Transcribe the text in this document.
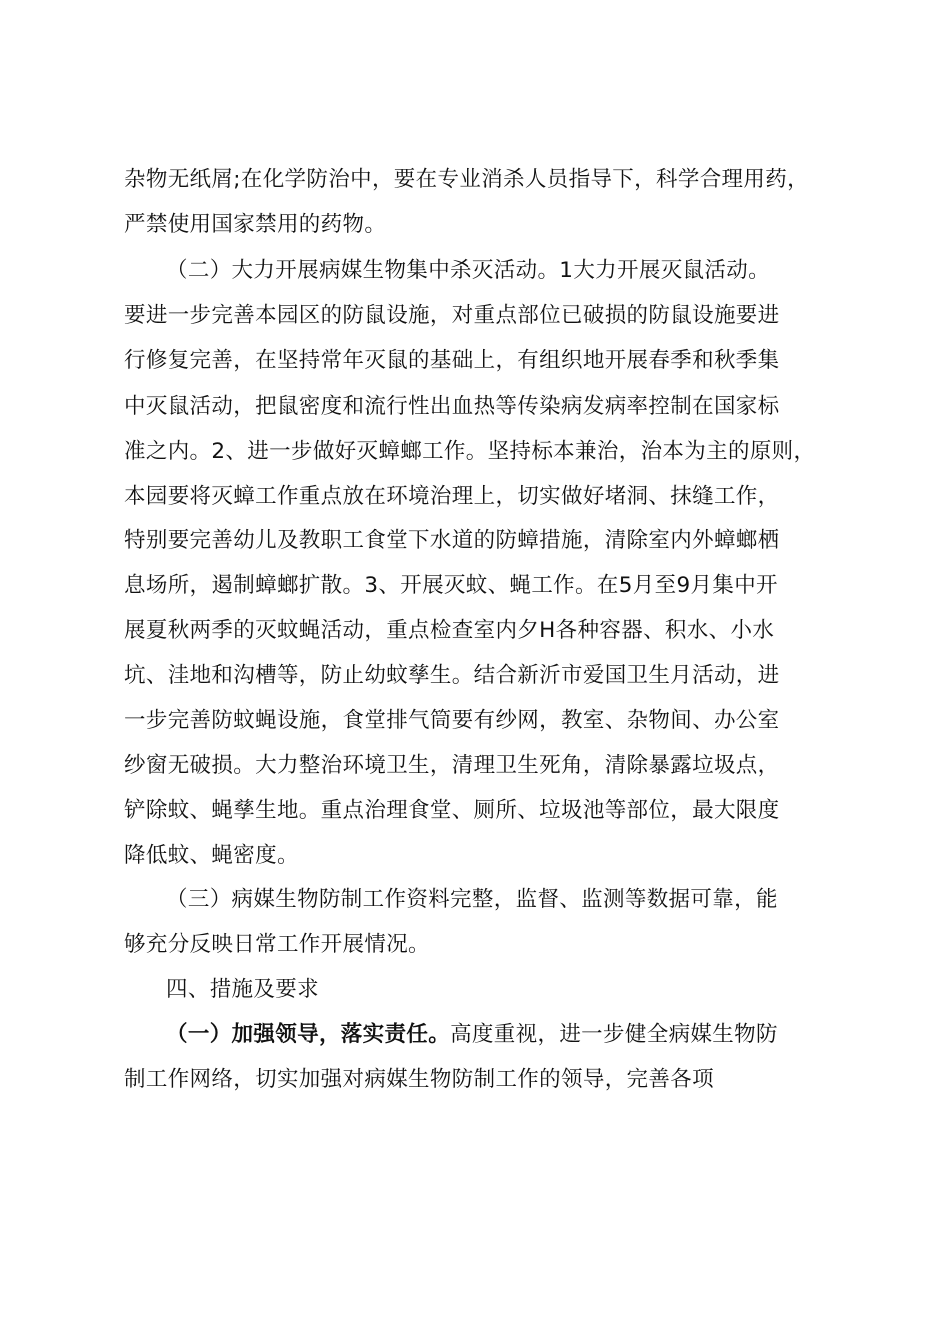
杂物无纸屑;在化学防治中，要在专业消杀人员指导下，科学合理用药，
严禁使用国家禁用的药物。
（二）大力开展病媒生物集中杀灭活动。1大力开展灭鼠活动。
要进一步完善本园区的防鼠设施，对重点部位已破损的防鼠设施要进
行修复完善，在坚持常年灭鼠的基础上，有组织地开展春季和秋季集
中灭鼠活动，把鼠密度和流行性出血热等传染病发病率控制在国家标
准之内。2、进一步做好灭蟑螂工作。坚持标本兼治，治本为主的原则，
本园要将灭蟑工作重点放在环境治理上，切实做好堵洞、抹缝工作，
特别要完善幼儿及教职工食堂下水道的防蟑措施，清除室内外蟑螂栖
息场所，遏制蟑螂扩散。3、开展灭蚊、蝇工作。在5月至9月集中开
展夏秋两季的灭蚊蝇活动，重点检查室内夕H各种容器、积水、小水
坑、洼地和沟槽等，防止幼蚊孳生。结合新沂市爱国卫生月活动，进
一步完善防蚊蝇设施，食堂排气筒要有纱网，教室、杂物间、办公室
纱窗无破损。大力整治环境卫生，清理卫生死角，清除暴露垃圾点，
铲除蚊、蝇孳生地。重点治理食堂、厕所、垃圾池等部位，最大限度
降低蚊、蝇密度。
（三）病媒生物防制工作资料完整，监督、监测等数据可靠，能
够充分反映日常工作开展情况。
四、措施及要求
（一）加强领导，落实责任。高度重视，进一步健全病媒生物防
制工作网络，切实加强对病媒生物防制工作的领导，完善各项
